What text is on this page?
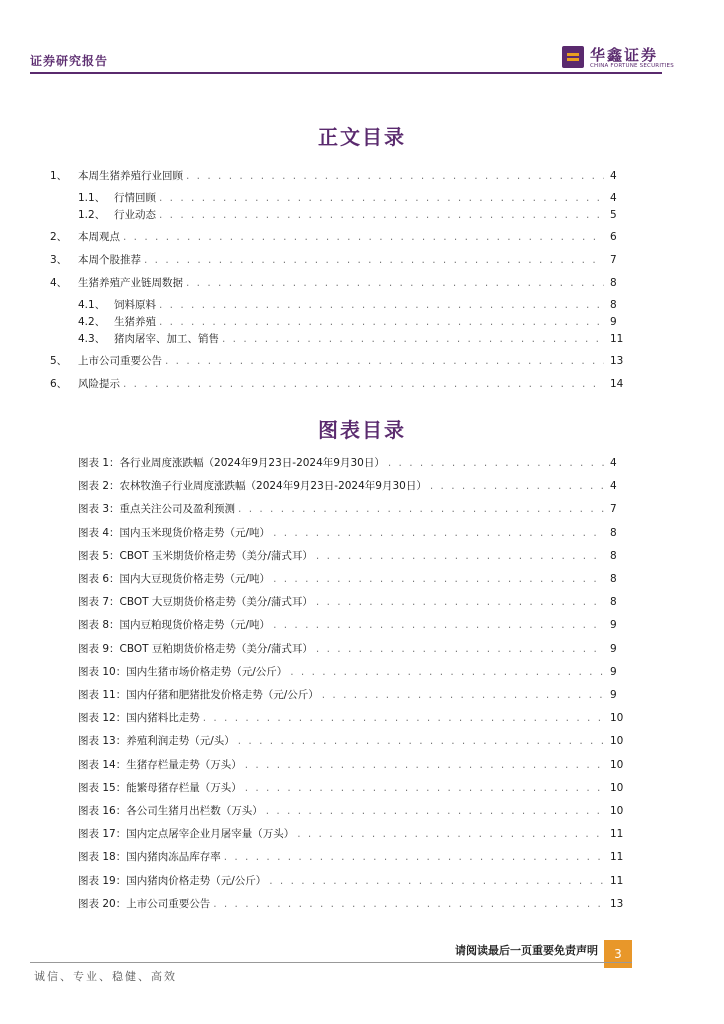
证券研究报告	华鑫证券
CHINA FORTUNE SECURITIES
正文目录
1、	本周生猪养殖行业回顾 . . .	4
1.1、 行情回顾 . . .	4
1.2、 行业动态 . . .	5
2、	本周观点 . . .	6
3、	本周个股推荐 . . .	7
4、	生猪养殖产业链周数据 . . .	8
4.1、 饲料原料 . . .	8
4.2、 生猪养殖 . . .	9
4.3、 猪肉屠宰、加工、销售 . . .	11
5、	上市公司重要公告 . . .	13
6、	风险提示 . . .	14
图表目录
图表 1：各行业周度涨跌幅（2024年9月23日-2024年9月30日） . . .	4
图表 2：农林牧渔子行业周度涨跌幅（2024年9月23日-2024年9月30日） . . .	4
图表 3：重点关注公司及盈利预测 . . .	7
图表 4：国内玉米现货价格走势（元/吨） . . .	8
图表 5：CBOT 玉米期货价格走势（美分/蒲式耳） . . .	8
图表 6：国内大豆现货价格走势（元/吨） . . .	8
图表 7：CBOT 大豆期货价格走势（美分/蒲式耳） . . .	8
图表 8：国内豆粕现货价格走势（元/吨） . . .	9
图表 9：CBOT 豆粕期货价格走势（美分/蒲式耳） . . .	9
图表 10：国内生猪市场价格走势（元/公斤） . . .	9
图表 11：国内仔猪和肥猪批发价格走势（元/公斤） . . .	9
图表 12：国内猪料比走势 . . .	10
图表 13：养殖利润走势（元/头） . . .	10
图表 14：生猪存栏量走势（万头） . . .	10
图表 15：能繁母猪存栏量（万头） . . .	10
图表 16：各公司生猪月出栏数（万头） . . .	10
图表 17：国内定点屠宰企业月屠宰量（万头） . . .	11
图表 18：国内猪肉冻品库存率 . . .	11
图表 19：国内猪肉价格走势（元/公斤） . . .	11
图表 20：上市公司重要公告 . . .	13
请阅读最后一页重要免责声明	3
诚信、专业、稳健、高效
